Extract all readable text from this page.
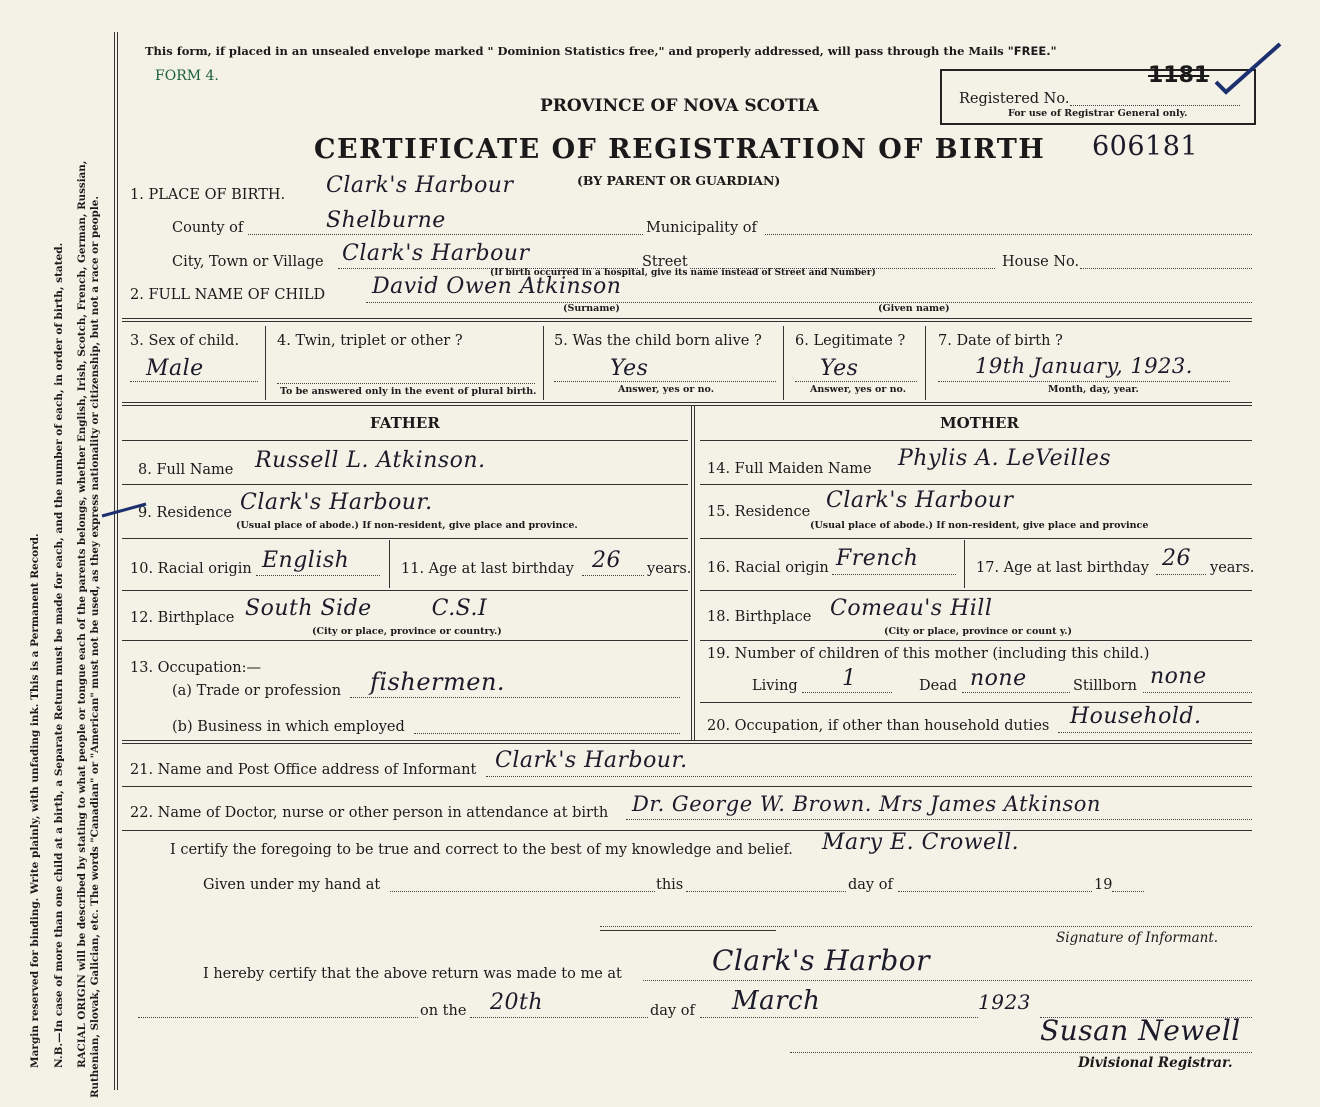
Margin reserved for binding. Write plainly, with unfading ink. This is a Permanent Record. N.B.—In case of more than one child at a birth, a Separate Return must be made for each, and the number of each, in order of birth, stated. RACIAL ORIGIN will be described by stating to what people or tongue each of the parents belongs, whether English, Irish, Scotch, French, German, Russian, Ruthenian, Slovak, Galician, etc. The words "Canadian" or "American" must not be used, as they express nationality or citizenship, but not a race or people.
This form, if placed in an unsealed envelope marked " Dominion Statistics free," and properly addressed, will pass through the Mails "FREE."
FORM 4.
PROVINCE OF NOVA SCOTIA
CERTIFICATE OF REGISTRATION OF BIRTH 606181
(BY PARENT OR GUARDIAN)
Registered No.
For use of Registrar General only.
1181
1. PLACE OF BIRTH. Clark's Harbour
County of	Shelburne	Municipality of
City, Town or Village Clark's Harbour	Street
(If birth occurred in a hospital, give its name instead of Street and Number)
House No.
2. FULL NAME OF CHILD David Owen Atkinson
(Surname)	(Given name)
3. Sex of child.
Male
4. Twin, triplet or other ?
To be answered only in the event of plural birth.
5. Was the child born alive ?
Yes
Answer, yes or no.
6. Legitimate ?
Yes
Answer, yes or no.
7. Date of birth ?
19th January, 1923.
Month, day, year.
FATHER
8. Full Name Russell L. Atkinson.
9. Residence Clark's Harbour.
(Usual place of abode.) If non-resident, give place and province.
10. Racial origin English	11. Age at last birthday 26 years.
12. Birthplace South Side        C.S.I
(City or place, province or country.)
13. Occupation:—
(a) Trade or profession fishermen.
(b) Business in which employed
MOTHER
14. Full Maiden Name Phylis A. LeVeilles
15. Residence Clark's Harbour
(Usual place of abode.) If non-resident, give place and province
16. Racial origin French	17. Age at last birthday 26 years.
18. Birthplace Comeau's Hill
(City or place, province or count y.)
19. Number of children of this mother (including this child.)
Living 1	Dead none	Stillborn none
20. Occupation, if other than household duties Household.
21. Name and Post Office address of Informant Clark's Harbour.
22. Name of Doctor, nurse or other person in attendance at birth Dr. George W. Brown. Mrs James Atkinson
I certify the foregoing to be true and correct to the best of my knowledge and belief. Mary E. Crowell.
Given under my hand at	this	day of	19
Signature of Informant.
I hereby certify that the above return was made to me at	Clark's Harbor
on the 20th	day of March	1923
Susan Newell
Divisional Registrar.
